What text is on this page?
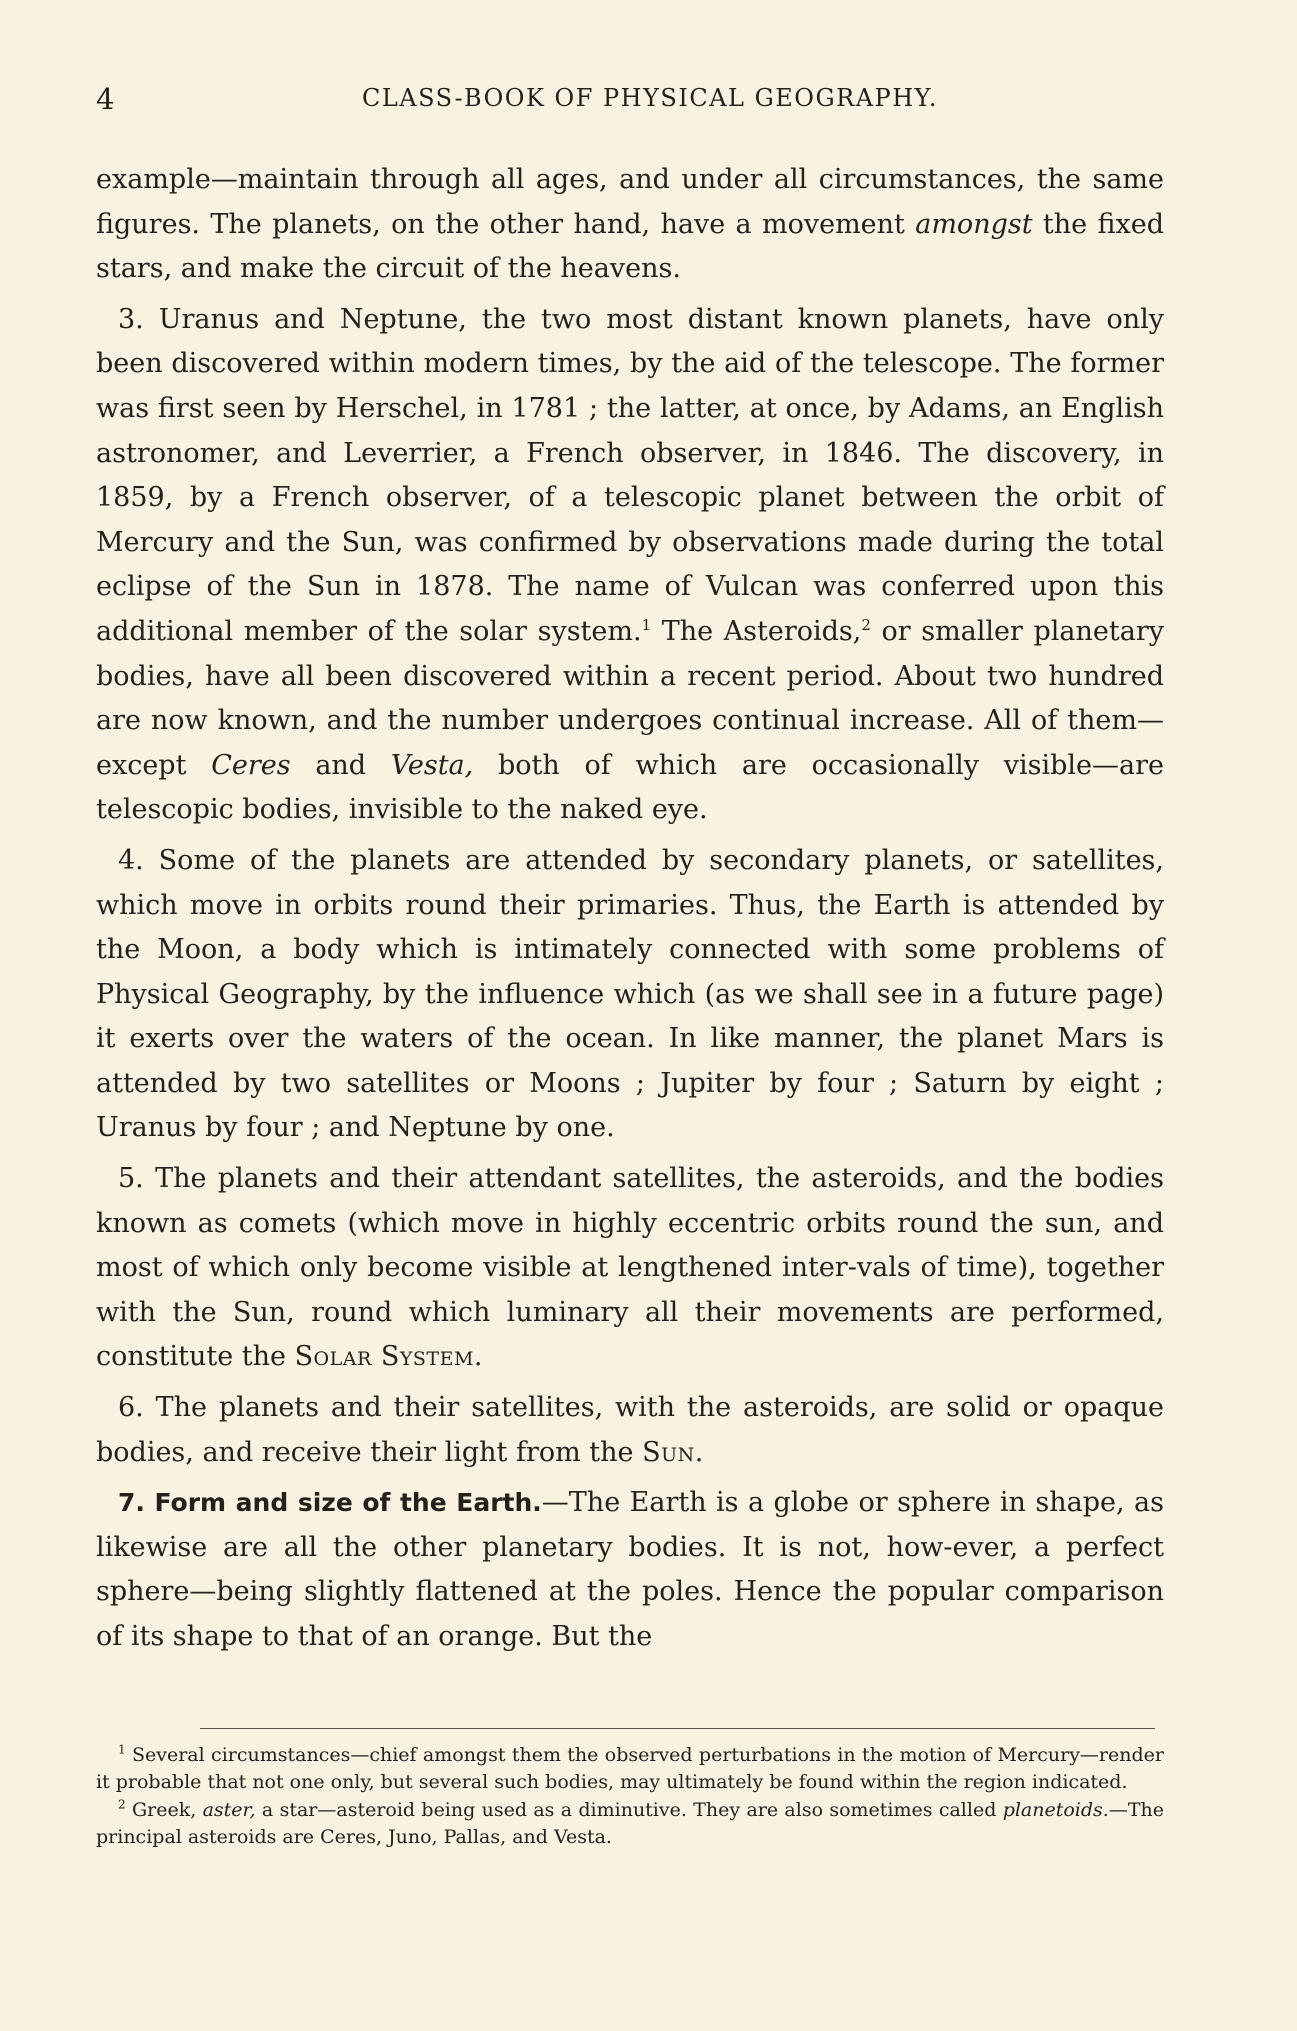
4	CLASS-BOOK OF PHYSICAL GEOGRAPHY.

example—maintain through all ages, and under all circumstances, the same figures. The planets, on the other hand, have a movement amongst the fixed stars, and make the circuit of the heavens.

3. Uranus and Neptune, the two most distant known planets, have only been discovered within modern times, by the aid of the telescope. The former was first seen by Herschel, in 1781 ; the latter, at once, by Adams, an English astronomer, and Leverrier, a French observer, in 1846. The discovery, in 1859, by a French observer, of a telescopic planet between the orbit of Mercury and the Sun, was confirmed by observations made during the total eclipse of the Sun in 1878. The name of Vulcan was conferred upon this additional member of the solar system.$^1$ The Asteroids,$^2$ or smaller planetary bodies, have all been discovered within a recent period. About two hundred are now known, and the number undergoes continual increase. All of them—except Ceres and Vesta, both of which are occasionally visible—are telescopic bodies, invisible to the naked eye.

4. Some of the planets are attended by secondary planets, or satellites, which move in orbits round their primaries. Thus, the Earth is attended by the Moon, a body which is intimately connected with some problems of Physical Geography, by the influence which (as we shall see in a future page) it exerts over the waters of the ocean. In like manner, the planet Mars is attended by two satellites or Moons ; Jupiter by four ; Saturn by eight ; Uranus by four ; and Neptune by one.

5. The planets and their attendant satellites, the asteroids, and the bodies known as comets (which move in highly eccentric orbits round the sun, and most of which only become visible at lengthened inter-vals of time), together with the Sun, round which luminary all their movements are performed, constitute the Solar System.

6. The planets and their satellites, with the asteroids, are solid or opaque bodies, and receive their light from the Sun.

7. Form and size of the Earth.—The Earth is a globe or sphere in shape, as likewise are all the other planetary bodies. It is not, how-ever, a perfect sphere—being slightly flattened at the poles. Hence the popular comparison of its shape to that of an orange. But the

$^1$ Several circumstances—chief amongst them the observed perturbations in the motion of Mercury—render it probable that not one only, but several such bodies, may ultimately be found within the region indicated.

$^2$ Greek, aster, a star—asteroid being used as a diminutive. They are also sometimes called planetoids.—The principal asteroids are Ceres, Juno, Pallas, and Vesta.
